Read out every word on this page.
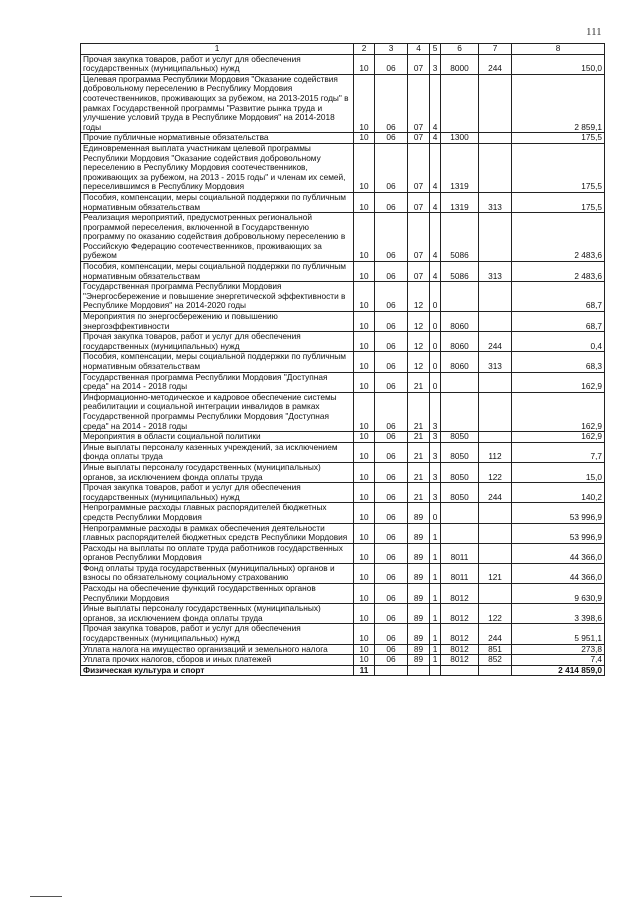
111
1	2	3	4	5	6	7	8
Прочая закупка товаров, работ и услуг для обеспечения государственных (муниципальных) нужд	10	06	07	3	8000	244	150,0
Целевая программа Республики Мордовия "Оказание содействия добровольному переселению в Республику Мордовия соотечественников, проживающих за рубежом, на 2013-2015 годы" в рамках Государственной программы "Развитие рынка труда и улучшение условий труда в Республике Мордовия" на 2014-2018 годы	10	06	07	4			2 859,1
Прочие публичные нормативные обязательства	10	06	07	4	1300		175,5
Единовременная выплата участникам целевой программы Республики Мордовия "Оказание содействия добровольному переселению в Республику Мордовия соотечественников, проживающих за рубежом, на 2013 - 2015 годы" и членам их семей, переселившимся в Республику Мордовия	10	06	07	4	1319		175,5
Пособия, компенсации, меры социальной поддержки по публичным нормативным обязательствам	10	06	07	4	1319	313	175,5
Реализация мероприятий, предусмотренных региональной программой переселения, включенной в Государственную программу по оказанию содействия добровольному переселению в Российскую Федерацию соотечественников, проживающих за рубежом	10	06	07	4	5086		2 483,6
Пособия, компенсации, меры социальной поддержки по публичным нормативным обязательствам	10	06	07	4	5086	313	2 483,6
Государственная программа Республики Мордовия "Энергосбережение и повышение энергетической эффективности в Республике Мордовия" на 2014-2020 годы	10	06	12	0			68,7
Мероприятия по энергосбережению и повышению энергоэффективности	10	06	12	0	8060		68,7
Прочая закупка товаров, работ и услуг для обеспечения государственных (муниципальных) нужд	10	06	12	0	8060	244	0,4
Пособия, компенсации, меры социальной поддержки по публичным нормативным обязательствам	10	06	12	0	8060	313	68,3
Государственная программа Республики Мордовия "Доступная среда" на 2014 - 2018 годы	10	06	21	0			162,9
Информационно-методическое и кадровое обеспечение системы реабилитации и социальной интеграции инвалидов в рамках Государственной программы Республики Мордовия "Доступная среда" на 2014 - 2018 годы	10	06	21	3			162,9
Мероприятия в области социальной политики	10	06	21	3	8050		162,9
Иные выплаты персоналу казенных учреждений, за исключением фонда оплаты труда	10	06	21	3	8050	112	7,7
Иные выплаты персоналу государственных (муниципальных) органов, за исключением фонда оплаты труда	10	06	21	3	8050	122	15,0
Прочая закупка товаров, работ и услуг для обеспечения государственных (муниципальных) нужд	10	06	21	3	8050	244	140,2
Непрограммные расходы главных распорядителей бюджетных средств Республики Мордовия	10	06	89	0			53 996,9
Непрограммные расходы в рамках обеспечения деятельности главных распорядителей бюджетных средств Республики Мордовия	10	06	89	1			53 996,9
Расходы на выплаты по оплате труда работников государственных органов Республики Мордовия	10	06	89	1	8011		44 366,0
Фонд оплаты труда государственных (муниципальных) органов и взносы по обязательному социальному страхованию	10	06	89	1	8011	121	44 366,0
Расходы на обеспечение функций государственных органов Республики Мордовия	10	06	89	1	8012		9 630,9
Иные выплаты персоналу государственных (муниципальных) органов, за исключением фонда оплаты труда	10	06	89	1	8012	122	3 398,6
Прочая закупка товаров, работ и услуг для обеспечения государственных (муниципальных) нужд	10	06	89	1	8012	244	5 951,1
Уплата налога на имущество организаций и земельного налога	10	06	89	1	8012	851	273,8
Уплата прочих налогов, сборов и иных платежей	10	06	89	1	8012	852	7,4
Физическая культура и спорт	11						2 414 859,0
